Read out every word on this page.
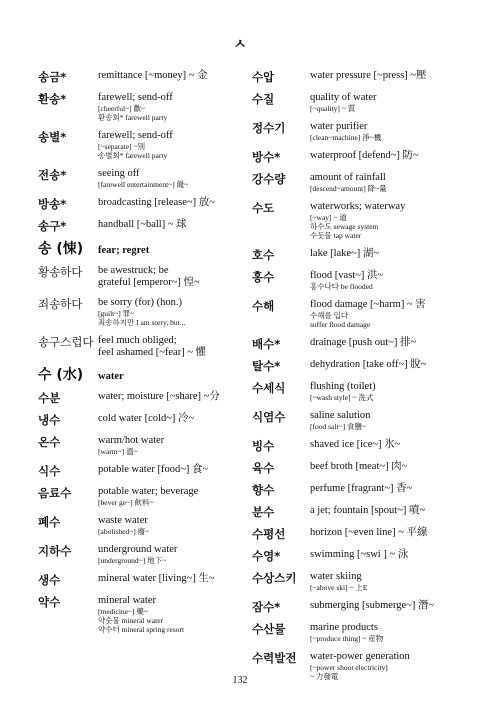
ㅅ
송금*	remittance [~money] ~ 金
환송*	farewell; send-off
[cheerful~] 歡~
환송회* farewell party
송별*	farewell; send-off
[~separate] ~別
송별회* farewell party
전송*	seeing off
[farewell entertainment~] 餞~
방송*	broadcasting [release~] 放~
송구*	handball [~ball] ~ 球
송 (悚)	fear; regret
황송하다	be awestruck; be
grateful [emperor~] 惶~
죄송하다	be sorry (for) (hon.)
[guilt~] 罪~
죄송하지만 I am sorry, but...
송구스럽다 feel much obliged;
feel ashamed [~fear] ~ 懼
수 (水)	water
수분	water; moisture [~share] ~分
냉수	cold water [cold~] 冷~
온수	warm/hot water
[warm~] 溫~
식수	potable water [food~] 食~
음료수	potable water; beverage
[bever ge~] 飮料~
폐수	waste water
[abolished~] 廢~
지하수	underground water
[underground~] 地下~
생수	mineral water [living~] 生~
약수	mineral water
[medicine~] 藥~
약숫물 mineral water
약수터 mineral spring resort
수압	water pressure [~press] ~壓
수질	quality of water
[~quality] ~ 質
정수기	water purifier
[clean~machine] 淨~機
방수*	waterproof [defend~] 防~
강수량	amount of rainfall
[descend~amount] 降~量
수도	waterworks; waterway
[~way] ~ 道
하수도 sewage system
수돗물 tap water
호수	lake [lake~] 湖~
홍수	flood [vast~] 洪~
홍수나다 be flooded
수해	flood damage [~harm] ~ 害
수해를 입다
suffer flood damage
배수*	drainage [push out~] 排~
탈수*	dehydration [take off~] 脫~
수세식	flushing (toilet)
[~wash style] ~ 洗式
식염수	saline salution
[food salt~] 食鹽~
빙수	shaved ice [ice~] 氷~
육수	beef broth [meat~] 肉~
향수	perfume [fragrant~] 香~
분수	a jet; fountain [spout~] 噴~
수평선	horizon [~even line] ~ 平線
수영*	swimming [~swi ] ~ 泳
수상스키	water skiing
[~above ski] ~ 上E
잠수*	submerging [submerge~] 潛~
수산물	marine products
[~produce thing] ~ 産物
수력발전	water-power generation
[~power shoot electricity]
~ 力發電
132
